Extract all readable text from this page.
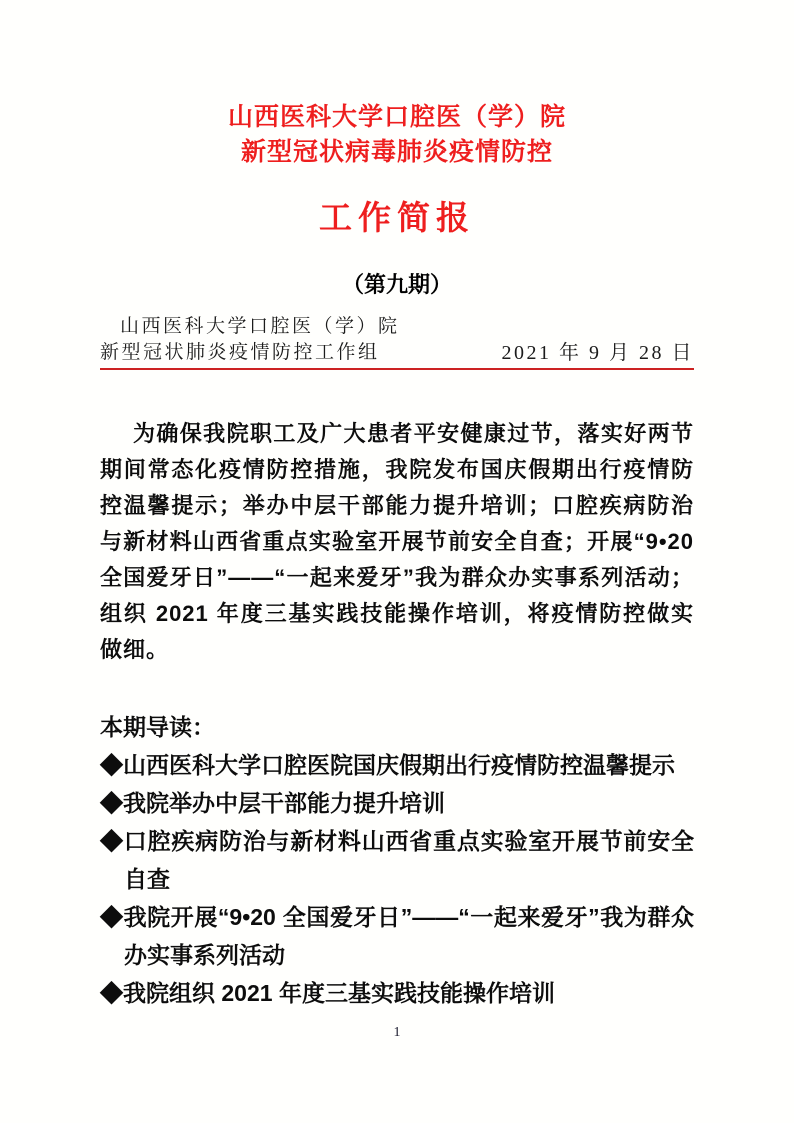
山西医科大学口腔医（学）院
新型冠状病毒肺炎疫情防控
工作简报
（第九期）
山西医科大学口腔医（学）院
新型冠状肺炎疫情防控工作组	2021 年 9 月 28 日

为确保我院职工及广大患者平安健康过节，落实好两节期间常态化疫情防控措施，我院发布国庆假期出行疫情防控温馨提示；举办中层干部能力提升培训；口腔疾病防治与新材料山西省重点实验室开展节前安全自查；开展“9•20 全国爱牙日”——“一起来爱牙”我为群众办实事系列活动；组织 2021 年度三基实践技能操作培训，将疫情防控做实做细。

本期导读：
◆山西医科大学口腔医院国庆假期出行疫情防控温馨提示
◆我院举办中层干部能力提升培训
◆口腔疾病防治与新材料山西省重点实验室开展节前安全自查
◆我院开展“9•20 全国爱牙日”——“一起来爱牙”我为群众办实事系列活动
◆我院组织 2021 年度三基实践技能操作培训
1
